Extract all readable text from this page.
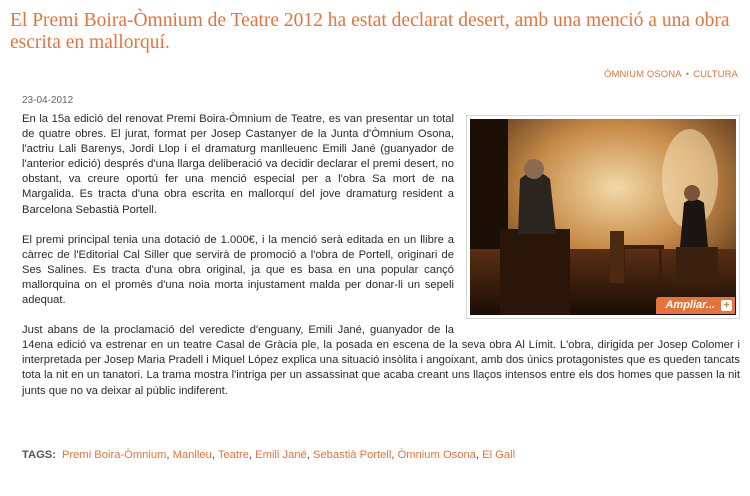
El Premi Boira-Òmnium de Teatre 2012 ha estat declarat desert, amb una menció a una obra escrita en mallorquí.
ÒMNIUM OSONA • CULTURA
23-04-2012
Ampliar... +

En la 15a edició del renovat Premi Boira-Òmnium de Teatre, es van presentar un total de quatre obres. El jurat, format per Josep Castanyer de la Junta d'Òmnium Osona, l'actriu Lali Barenys, Jordi Llop i el dramaturg manlleuenc Emili Jané (guanyador de l'anterior edició) després d'una llarga deliberació va decidir declarar el premi desert, no obstant, va creure oportú fer una menció especial per a l'obra Sa mort de na Margalida. Es tracta d'una obra escrita en mallorquí del jove dramaturg resident a Barcelona Sebastià Portell.

El premi principal tenia una dotació de 1.000€, i la menció serà editada en un llibre a càrrec de l'Editorial Cal Siller que servirà de promoció a l'obra de Portell, originari de Ses Salines. Es tracta d'una obra original, ja que es basa en una popular cançó mallorquina on el promès d'una noia morta injustament malda per donar-li un sepeli adequat.

Just abans de la proclamació del veredicte d'enguany, Emili Jané, guanyador de la 14ena edició va estrenar en un teatre Casal de Gràcia ple, la posada en escena de la seva obra Al Límit. L'obra, dirigida per Josep Colomer i interpretada per Josep Maria Pradell i Miquel López explica una situació insòlita i angoixant, amb dos únics protagonistes que es queden tancats tota la nit en un tanatori. La trama mostra l'intriga per un assassinat que acaba creant uns llaços intensos entre els dos homes que passen la nit junts que no va deixar al públic indiferent.

TAGS: Premi Boira-Òmnium, Manlleu, Teatre, Emili Jané, Sebastià Portell, Òmnium Osona, El Gall
